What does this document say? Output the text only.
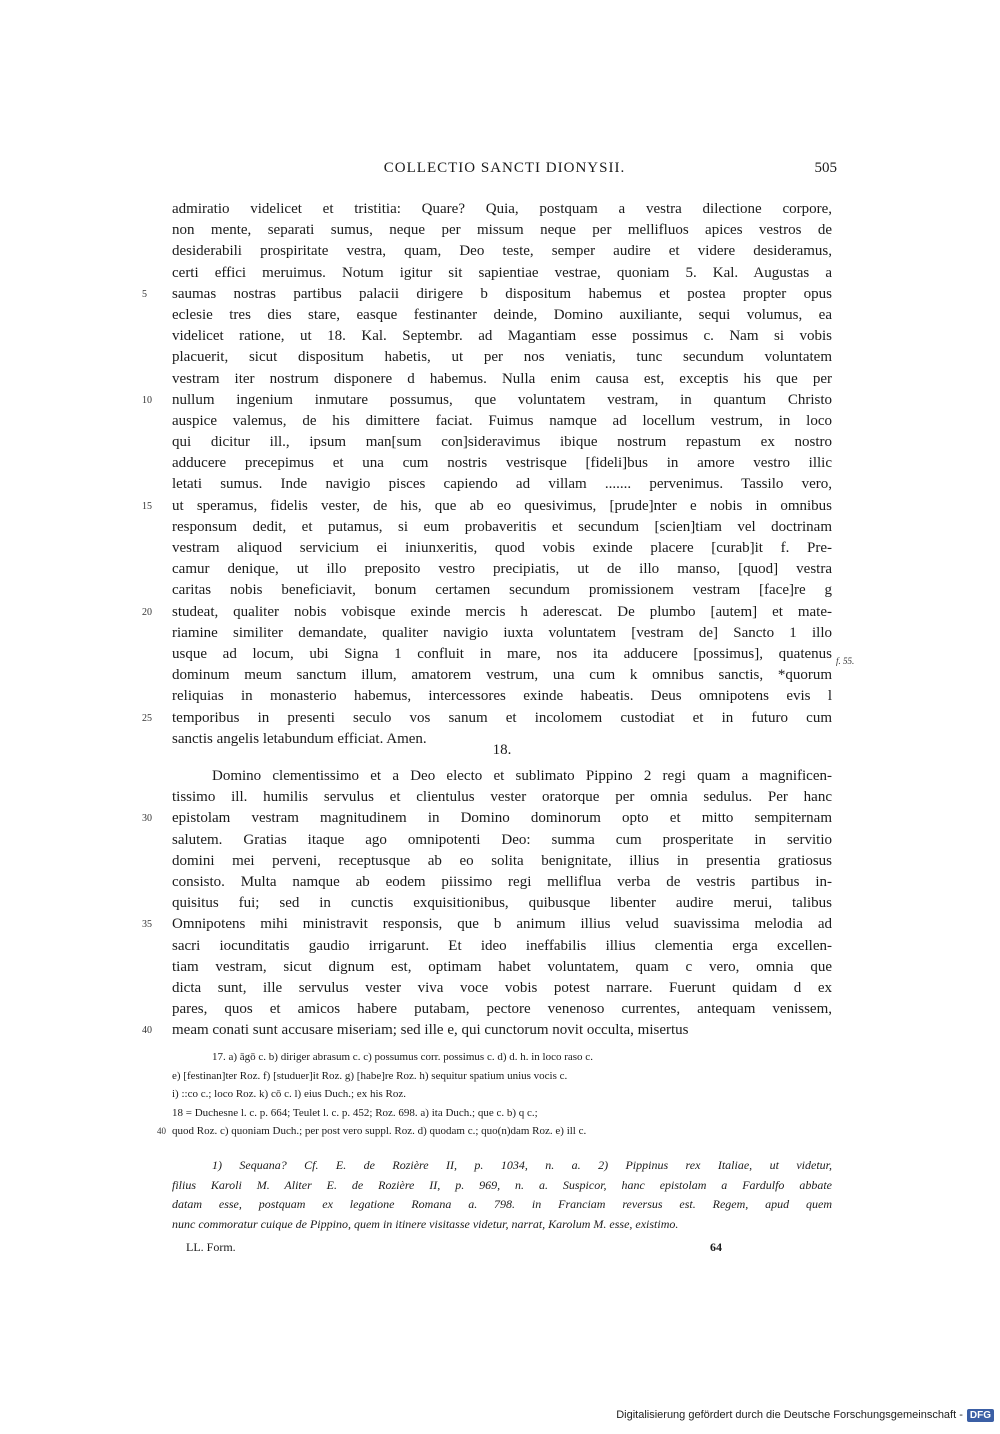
COLLECTIO SANCTI DIONYSII.	505
admiratio videlicet et tristitia: Quare? Quia, postquam a vestra dilectione corpore,
non mente, separati sumus, neque per missum neque per mellifluos apices vestros de
desiderabili prospiritate vestra, quam, Deo teste, semper audire et videre desideramus,
certi effici meruimus. Notum igitur sit sapientiae vestrae, quoniam 5. Kal. Augustas a
5	saumas nostras partibus palacii dirigere b dispositum habemus et postea propter opus
eclesie tres dies stare, easque festinanter deinde, Domino auxiliante, sequi volumus, ea
videlicet ratione, ut 18. Kal. Septembr. ad Magantiam esse possimus c. Nam si vobis
placuerit, sicut dispositum habetis, ut per nos veniatis, tunc secundum voluntatem
vestram iter nostrum disponere d habemus. Nulla enim causa est, exceptis his que per
10	nullum ingenium inmutare possumus, que voluntatem vestram, in quantum Christo
auspice valemus, de his dimittere faciat. Fuimus namque ad locellum vestrum, in loco
qui dicitur ill., ipsum man[sum con]sideravimus ibique nostrum repastum ex nostro
adducere precepimus et una cum nostris vestrisque [fideli]bus in amore vestro illic
letati sumus. Inde navigio pisces capiendo ad villam ....... pervenimus. Tassilo vero,
15	ut speramus, fidelis vester, de his, que ab eo quesivimus, [prude]nter e nobis in omnibus
responsum dedit, et putamus, si eum probaveritis et secundum [scien]tiam vel doctrinam
vestram aliquod servicium ei iniunxeritis, quod vobis exinde placere [curab]it f. Pre-
camur denique, ut illo preposito vestro precipiatis, ut de illo manso, [quod] vestra
caritas nobis beneficiavit, bonum certamen secundum promissionem vestram [face]re g
20	studeat, qualiter nobis vobisque exinde mercis h aderescat. De plumbo [autem] et mate-
riamine similiter demandate, qualiter navigio iuxta voluntatem [vestram de] Sancto 1 illo
usque ad locum, ubi Signa 1 confluit in mare, nos ita adducere [possimus], quatenus
dominum meum sanctum illum, amatorem vestrum, una cum k omnibus sanctis, *quorum
reliquias in monasterio habemus, intercessores exinde habeatis. Deus omnipotens evis l
25	temporibus in presenti seculo vos sanum et incolomem custodiat et in futuro cum
sanctis angelis letabundum efficiat. Amen.
f. 55.
18.
Domino clementissimo et a Deo electo et sublimato Pippino 2 regi quam a magnificen-
tissimo ill. humilis servulus et clientulus vester oratorque per omnia sedulus. Per hanc
30	epistolam vestram magnitudinem in Domino dominorum opto et mitto sempiternam
salutem. Gratias itaque ago omnipotenti Deo: summa cum prosperitate in servitio
domini mei perveni, receptusque ab eo solita benignitate, illius in presentia gratiosus
consisto. Multa namque ab eodem piissimo regi melliflua verba de vestris partibus in-
quisitus fui; sed in cunctis exquisitionibus, quibusque libenter audire merui, talibus
35	Omnipotens mihi ministravit responsis, que b animum illius velud suavissima melodia ad
sacri iocunditatis gaudio irrigarunt. Et ideo ineffabilis illius clementia erga excellen-
tiam vestram, sicut dignum est, optimam habet voluntatem, quam c vero, omnia que
dicta sunt, ille servulus vester viva voce vobis potest narrare. Fuerunt quidam d ex
pares, quos et amicos habere putabam, pectore venenoso currentes, antequam venissem,
40	meam conati sunt accusare miseriam; sed ille e, qui cunctorum novit occulta, misertus
17. a) āgō c. b) diriger abrasum c. c) possumus corr. possimus c. d) d. h. in loco raso c.
e) [festinan]ter Roz. f) [studuer]it Roz. g) [habe]re Roz. h) sequitur spatium unius vocis c.
i) ::co c.; loco Roz. k) cō c. l) eius Duch.; ex his Roz.
18 = Duchesne l. c. p. 664; Teulet l. c. p. 452; Roz. 698. a) ita Duch.; que c. b) q c.;
40 quod Roz. c) quoniam Duch.; per post vero suppl. Roz. d) quodam c.; quo(n)dam Roz. e) ill c.
1) Sequana? Cf. E. de Rozière II, p. 1034, n. a. 2) Pippinus rex Italiae, ut videtur,
filius Karoli M. Aliter E. de Rozière II, p. 969, n. a. Suspicor, hanc epistolam a Fardulfo abbate
datam esse, postquam ex legatione Romana a. 798. in Franciam reversus est. Regem, apud quem
nunc commoratur cuique de Pippino, quem in itinere visitasse videtur, narrat, Karolum M. esse, existimo.
LL. Form.	64
Digitalisierung gefördert durch die Deutsche Forschungsgemeinschaft - DFG
